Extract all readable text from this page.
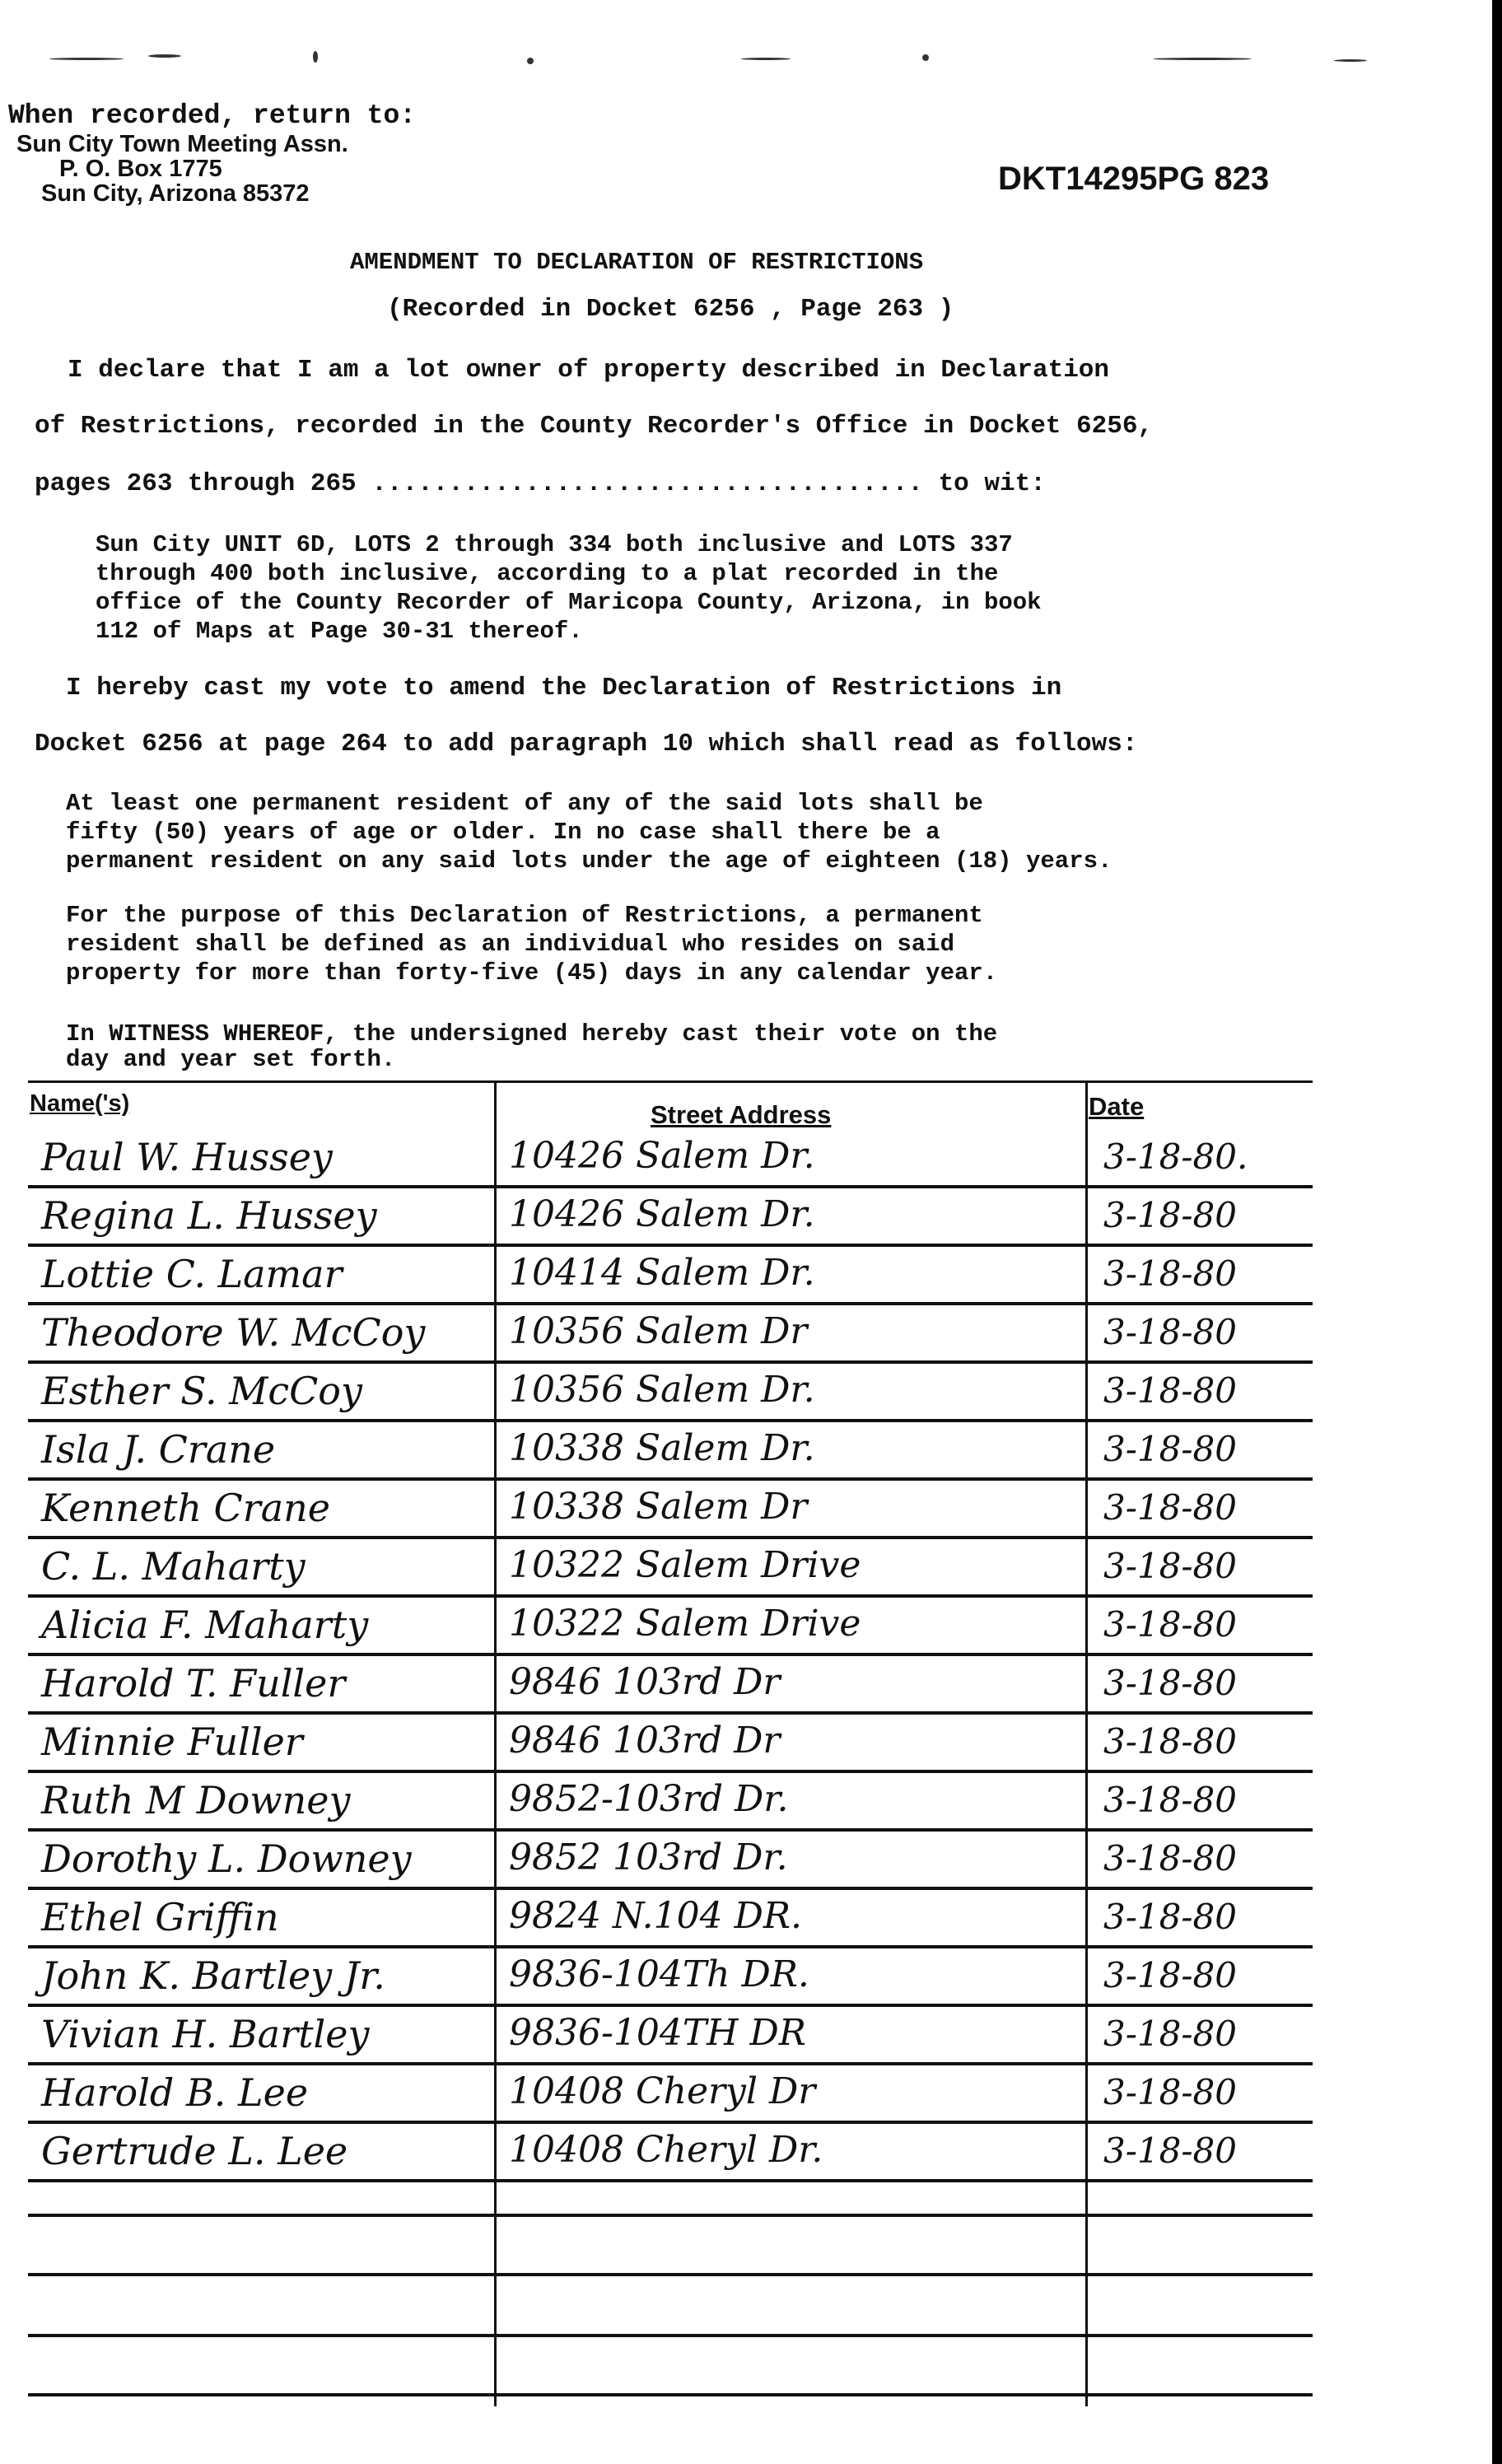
When recorded, return to:
Sun City Town Meeting Assn.
P. O. Box 1775
Sun City, Arizona 85372	DKT14295PG 823
AMENDMENT TO DECLARATION OF RESTRICTIONS
(Recorded in Docket 6256 , Page 263 )
I declare that I am a lot owner of property described in Declaration
of Restrictions, recorded in the County Recorder's Office in Docket 6256,
pages 263 through 265 .................................... to wit:
Sun City UNIT 6D, LOTS 2 through 334 both inclusive and LOTS 337
through 400 both inclusive, according to a plat recorded in the
office of the County Recorder of Maricopa County, Arizona, in book
112 of Maps at Page 30-31 thereof.
I hereby cast my vote to amend the Declaration of Restrictions in
Docket 6256 at page 264 to add paragraph 10 which shall read as follows:
At least one permanent resident of any of the said lots shall be
fifty (50) years of age or older. In no case shall there be a
permanent resident on any said lots under the age of eighteen (18) years.
For the purpose of this Declaration of Restrictions, a permanent
resident shall be defined as an individual who resides on said
property for more than forty-five (45) days in any calendar year.
In WITNESS WHEREOF, the undersigned hereby cast their vote on the
day and year set forth.
Name('s)	Street Address	Date
Paul W. Hussey	10426 Salem Dr.	3-18-80.
Regina L. Hussey	10426 Salem Dr.	3-18-80
Lottie C. Lamar	10414 Salem Dr.	3-18-80
Theodore W. McCoy 10356 Salem Dr	3-18-80
Esther S. McCoy	10356 Salem Dr.	3-18-80
Isla J. Crane	10338 Salem Dr.	3-18-80
Kenneth Crane	10338 Salem Dr	3-18-80
C. L. Maharty	10322 Salem Drive	3-18-80
Alicia F. Maharty	10322 Salem Drive	3-18-80
Harold T. Fuller	9846 103rd Dr	3-18-80
Minnie Fuller	9846 103rd Dr	3-18-80
Ruth M Downey	9852-103rd Dr.	3-18-80
Dorothy L. Downey	9852 103rd Dr.	3-18-80
Ethel Griffin	9824 N.104 DR.	3-18-80
John K. Bartley Jr.	9836-104Th DR.	3-18-80
Vivian H. Bartley	9836-104TH DR	3-18-80
Harold B. Lee	10408 Cheryl Dr	3-18-80
Gertrude L. Lee	10408 Cheryl Dr.	3-18-80
